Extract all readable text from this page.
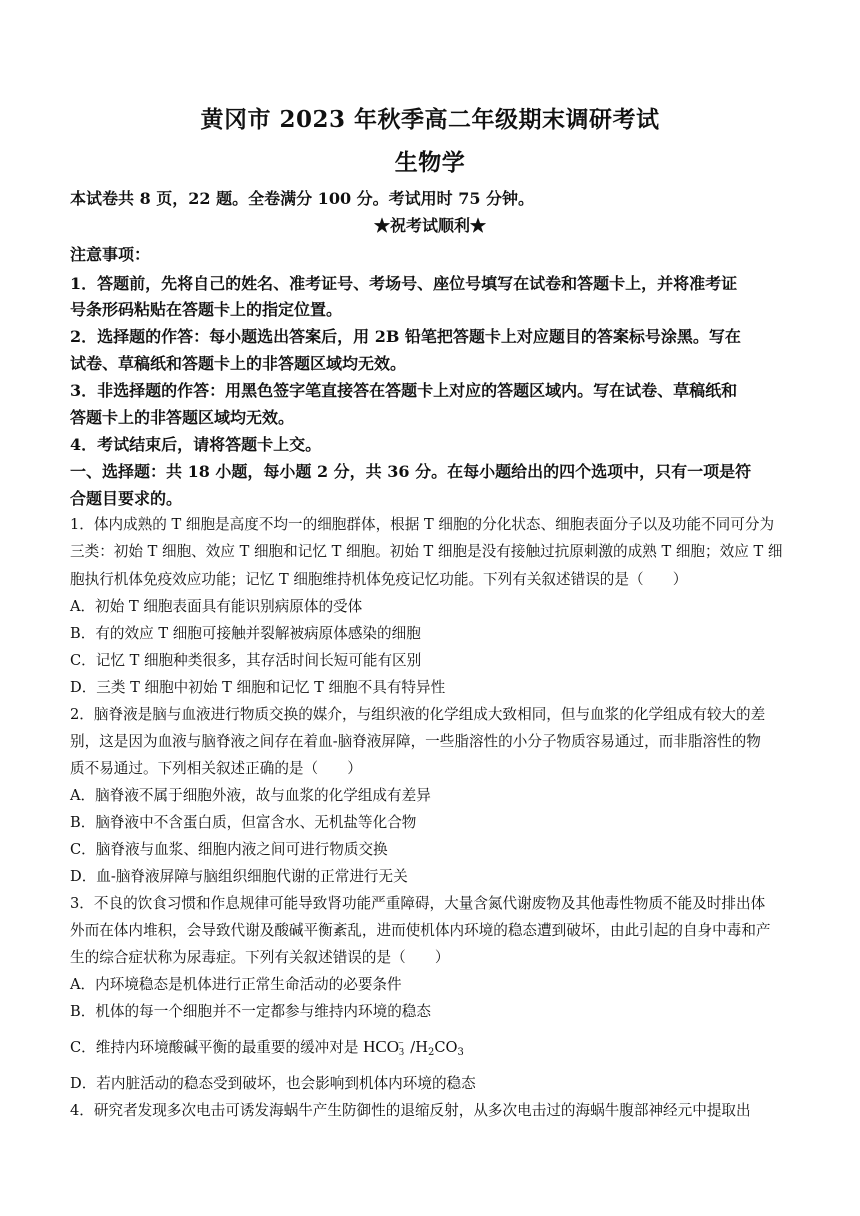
黄冈市 2023 年秋季高二年级期末调研考试
生物学
本试卷共 8 页，22 题。全卷满分 100 分。考试用时 75 分钟。
★祝考试顺利★
注意事项：
1．答题前，先将自己的姓名、准考证号、考场号、座位号填写在试卷和答题卡上，并将准考证
号条形码粘贴在答题卡上的指定位置。
2．选择题的作答：每小题选出答案后，用 2B 铅笔把答题卡上对应题目的答案标号涂黑。写在
试卷、草稿纸和答题卡上的非答题区域均无效。
3．非选择题的作答：用黑色签字笔直接答在答题卡上对应的答题区域内。写在试卷、草稿纸和
答题卡上的非答题区域均无效。
4．考试结束后，请将答题卡上交。
一、选择题：共 18 小题，每小题 2 分，共 36 分。在每小题给出的四个选项中，只有一项是符
合题目要求的。
1．体内成熟的 T 细胞是高度不均一的细胞群体，根据 T 细胞的分化状态、细胞表面分子以及功能不同可分为
三类：初始 T 细胞、效应 T 细胞和记忆 T 细胞。初始 T 细胞是没有接触过抗原刺激的成熟 T 细胞；效应 T 细
胞执行机体免疫效应功能；记忆 T 细胞维持机体免疫记忆功能。下列有关叙述错误的是（　　）
A．初始 T 细胞表面具有能识别病原体的受体
B．有的效应 T 细胞可接触并裂解被病原体感染的细胞
C．记忆 T 细胞种类很多，其存活时间长短可能有区别
D．三类 T 细胞中初始 T 细胞和记忆 T 细胞不具有特异性
2．脑脊液是脑与血液进行物质交换的媒介，与组织液的化学组成大致相同，但与血浆的化学组成有较大的差
别，这是因为血液与脑脊液之间存在着血-脑脊液屏障，一些脂溶性的小分子物质容易通过，而非脂溶性的物
质不易通过。下列相关叙述正确的是（　　）
A．脑脊液不属于细胞外液，故与血浆的化学组成有差异
B．脑脊液中不含蛋白质，但富含水、无机盐等化合物
C．脑脊液与血浆、细胞内液之间可进行物质交换
D．血-脑脊液屏障与脑组织细胞代谢的正常进行无关
3．不良的饮食习惯和作息规律可能导致肾功能严重障碍，大量含氮代谢废物及其他毒性物质不能及时排出体
外而在体内堆积，会导致代谢及酸碱平衡紊乱，进而使机体内环境的稳态遭到破坏，由此引起的自身中毒和产
生的综合症状称为尿毒症。下列有关叙述错误的是（　　）
A．内环境稳态是机体进行正常生命活动的必要条件
B．机体的每一个细胞并不一定都参与维持内环境的稳态
C．维持内环境酸碱平衡的最重要的缓冲对是 $HCO_3^-$ $/H_2CO_3$
D．若内脏活动的稳态受到破坏，也会影响到机体内环境的稳态
4．研究者发现多次电击可诱发海蜗牛产生防御性的退缩反射，从多次电击过的海蜗牛腹部神经元中提取出
